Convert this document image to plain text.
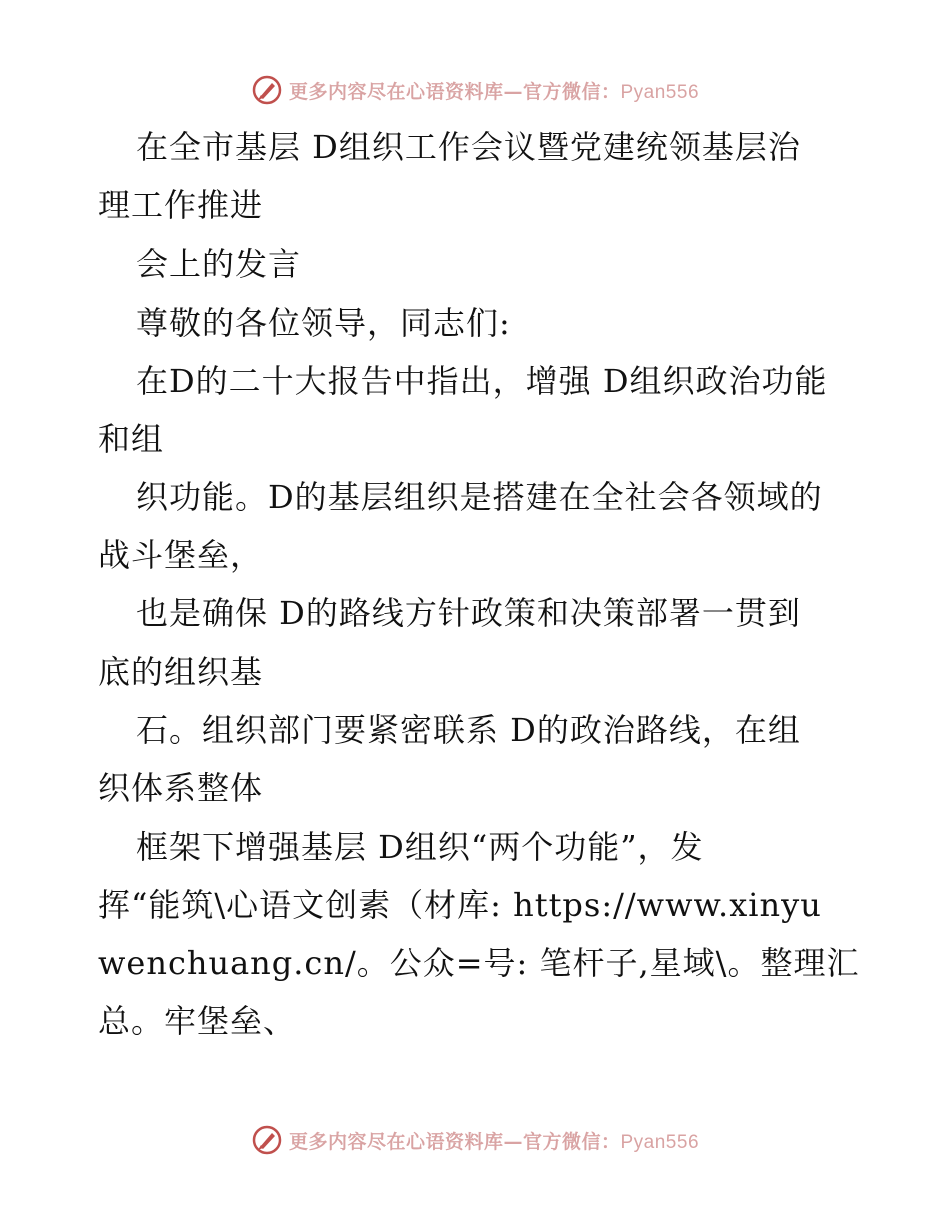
更多内容尽在心语资料库—官方微信：Pyan556
在全市基层 D组织工作会议暨党建统领基层治
理工作推进
会上的发言
尊敬的各位领导，同志们:
在D的二十大报告中指出，增强 D组织政治功能
和组
织功能。D的基层组织是搭建在全社会各领域的
战斗堡垒，
也是确保 D的路线方针政策和决策部署一贯到
底的组织基
石。组织部门要紧密联系 D的政治路线，在组
织体系整体
框架下增强基层 D组织“两个功能”，发
挥“能筑\心语文创素（材库: https://www.xinyu
wenchuang.cn/。公众=号: 笔杆子,星域\。整理汇
总。牢堡垒、
更多内容尽在心语资料库—官方微信：Pyan556
